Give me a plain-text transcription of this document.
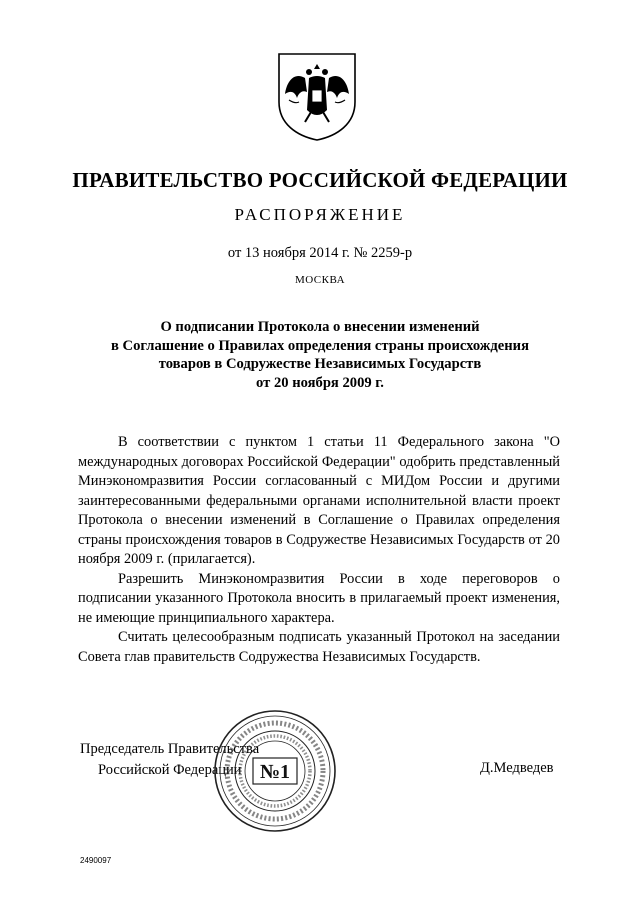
ПРАВИТЕЛЬСТВО РОССИЙСКОЙ ФЕДЕРАЦИИ
РАСПОРЯЖЕНИЕ
от 13 ноября 2014 г. № 2259-р
МОСКВА
О подписании Протокола о внесении изменений
в Соглашение о Правилах определения страны происхождения
товаров в Содружестве Независимых Государств
от 20 ноября 2009 г.

В соответствии с пунктом 1 статьи 11 Федерального закона "О международных договорах Российской Федерации" одобрить представленный Минэкономразвития России согласованный с МИДом России и другими заинтересованными федеральными органами исполнительной власти проект Протокола о внесении изменений в Соглашение о Правилах определения страны происхождения товаров в Содружестве Независимых Государств от 20 ноября 2009 г. (прилагается).

Разрешить Минэкономразвития России в ходе переговоров о подписании указанного Протокола вносить в прилагаемый проект изменения, не имеющие принципиального характера.

Считать целесообразным подписать указанный Протокол на заседании Совета глав правительств Содружества Независимых Государств.

Председатель Правительства
Российской Федерации №1	Д.Медведев
2490097
